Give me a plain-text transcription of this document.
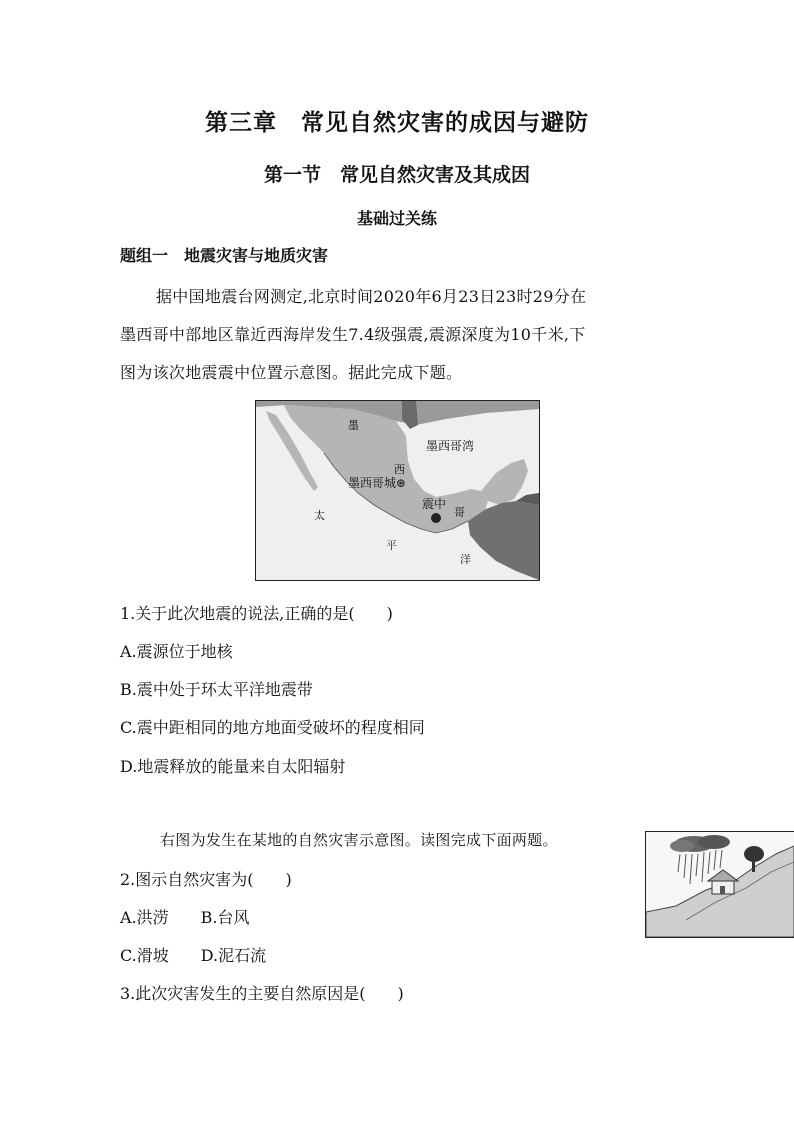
第三章　常见自然灾害的成因与避防
第一节　常见自然灾害及其成因
基础过关练
题组一　地震灾害与地质灾害
据中国地震台网测定,北京时间2020年6月23日23时29分在
墨西哥中部地区靠近西海岸发生7.4级强震,震源深度为10千米,下
图为该次地震震中位置示意图。据此完成下题。
墨
西
哥
墨西哥湾
墨西哥城⊛
震中
太
平
洋
1.关于此次地震的说法,正确的是(　　)
A.震源位于地核
B.震中处于环太平洋地震带
C.震中距相同的地方地面受破坏的程度相同
D.地震释放的能量来自太阳辐射
右图为发生在某地的自然灾害示意图。读图完成下面两题。
2.图示自然灾害为(　　)
A.洪涝　　B.台风
C.滑坡　　D.泥石流
3.此次灾害发生的主要自然原因是(　　)
